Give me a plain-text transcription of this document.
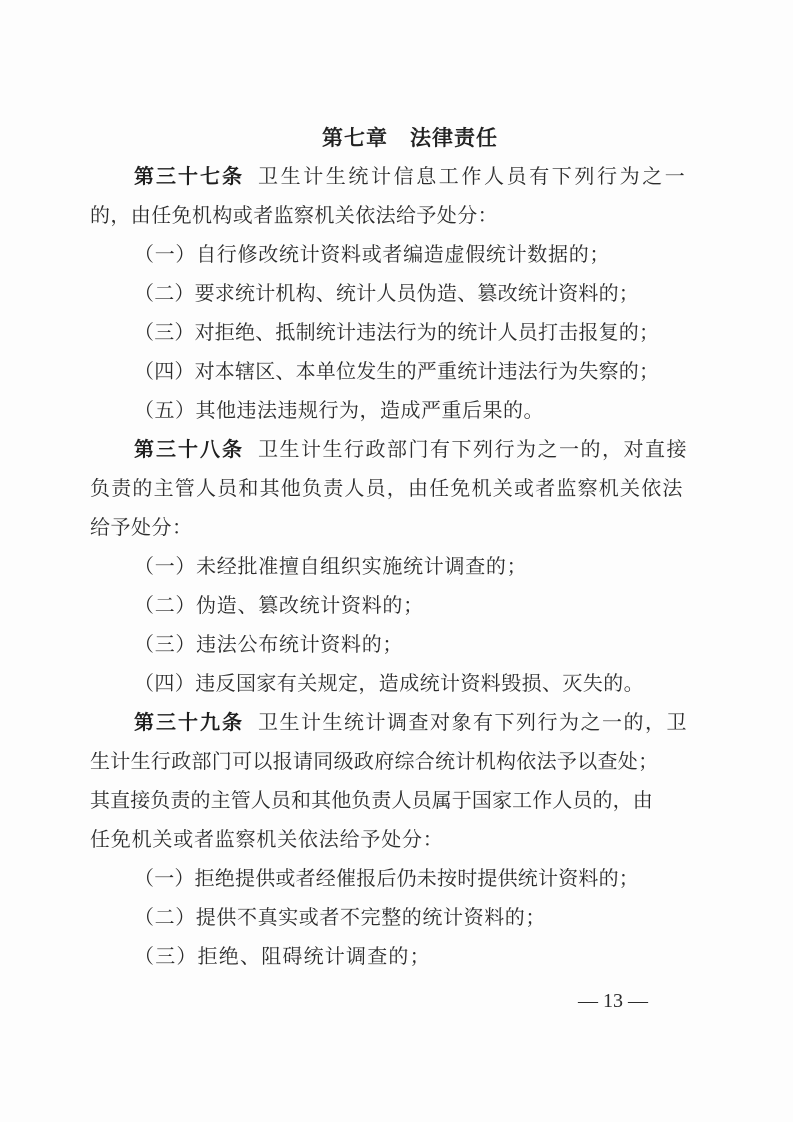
第七章 法律责任
第三十七条 卫生计生统计信息工作人员有下列行为之一
的，由任免机构或者监察机关依法给予处分：
（一）自行修改统计资料或者编造虚假统计数据的；
（二）要求统计机构、统计人员伪造、篡改统计资料的；
（三）对拒绝、抵制统计违法行为的统计人员打击报复的；
（四）对本辖区、本单位发生的严重统计违法行为失察的；
（五）其他违法违规行为，造成严重后果的。
第三十八条 卫生计生行政部门有下列行为之一的，对直接
负责的主管人员和其他负责人员，由任免机关或者监察机关依法
给予处分：
（一）未经批准擅自组织实施统计调查的；
（二）伪造、篡改统计资料的；
（三）违法公布统计资料的；
（四）违反国家有关规定，造成统计资料毁损、灭失的。
第三十九条 卫生计生统计调查对象有下列行为之一的，卫
生计生行政部门可以报请同级政府综合统计机构依法予以查处；
其直接负责的主管人员和其他负责人员属于国家工作人员的，由
任免机关或者监察机关依法给予处分：
（一）拒绝提供或者经催报后仍未按时提供统计资料的；
（二）提供不真实或者不完整的统计资料的；
（三）拒绝、阻碍统计调查的；
— 13 —
